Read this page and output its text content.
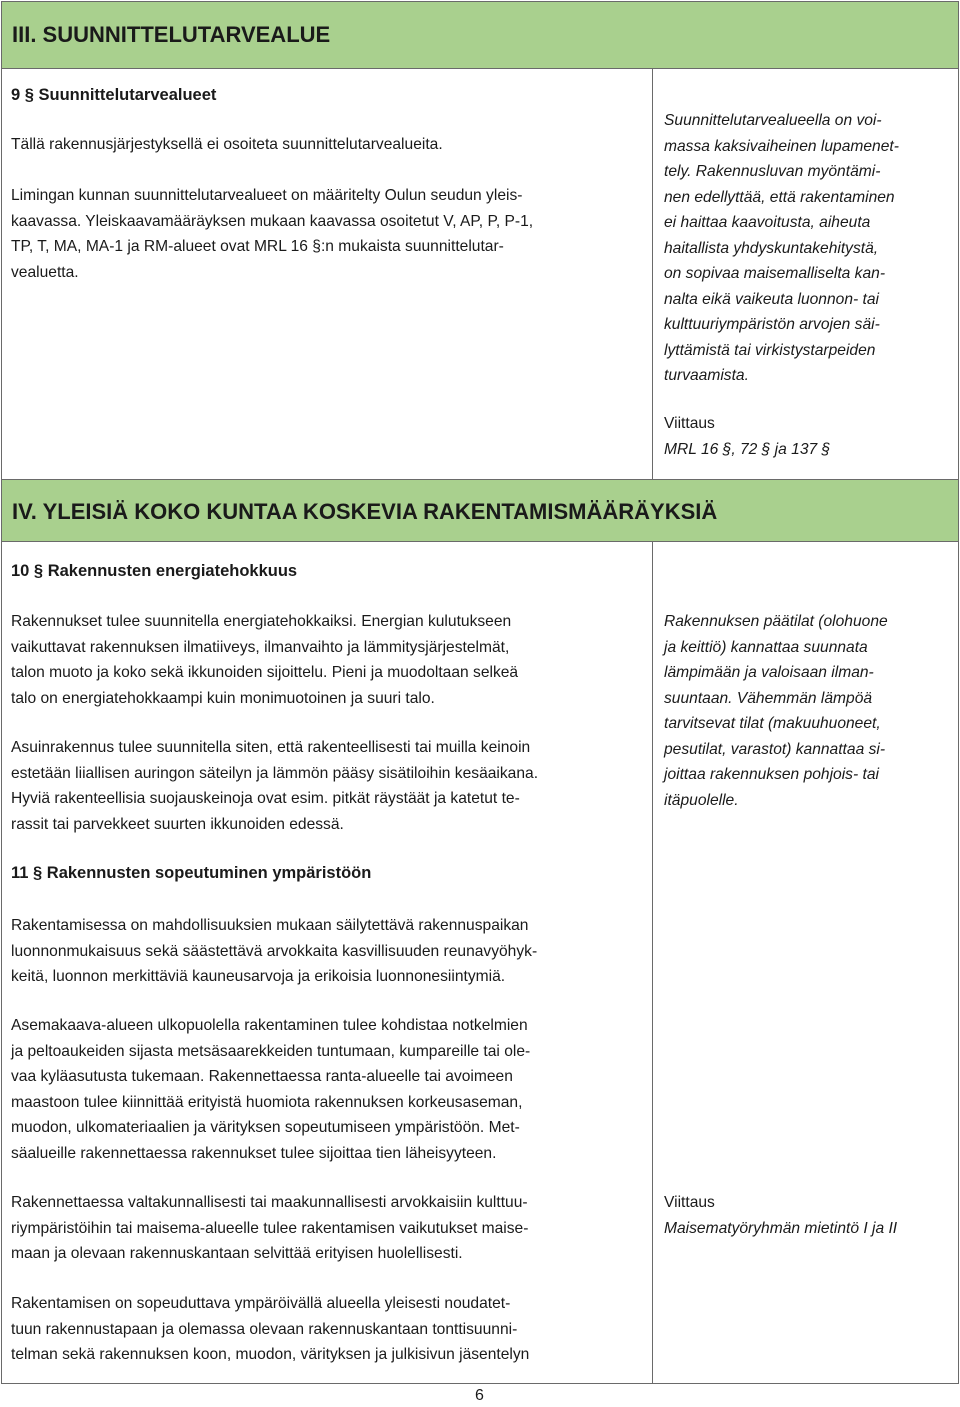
III. SUUNNITTELUTARVEALUE
IV. YLEISIÄ KOKO KUNTAA KOSKEVIA RAKENTAMISMÄÄRÄYKSIÄ
9 § Suunnittelutarvealueet
Tällä rakennusjärjestyksellä ei osoiteta suunnittelutarvealueita.
Limingan kunnan suunnittelutarvealueet on määritelty Oulun seudun yleis-
kaavassa. Yleiskaavamääräyksen mukaan kaavassa osoitetut V, AP, P, P-1,
TP, T, MA, MA-1 ja RM-alueet ovat MRL 16 §:n mukaista suunnittelutar-
vealuetta.
Suunnittelutarvealueella on voi-
massa kaksivaiheinen lupamenet-
tely. Rakennusluvan myöntämi-
nen edellyttää, että rakentaminen
ei haittaa kaavoitusta, aiheuta
haitallista yhdyskuntakehitystä,
on sopivaa maisemalliselta kan-
nalta eikä vaikeuta luonnon- tai
kulttuuriympäristön arvojen säi-
lyttämistä tai virkistystarpeiden
turvaamista.
Viittaus
MRL 16 §, 72 § ja 137 §
10 § Rakennusten energiatehokkuus
Rakennukset tulee suunnitella energiatehokkaiksi. Energian kulutukseen
vaikuttavat rakennuksen ilmatiiveys, ilmanvaihto ja lämmitysjärjestelmät,
talon muoto ja koko sekä ikkunoiden sijoittelu. Pieni ja muodoltaan selkeä
talo on energiatehokkaampi kuin monimuotoinen ja suuri talo.
Asuinrakennus tulee suunnitella siten, että rakenteellisesti tai muilla keinoin
estetään liiallisen auringon säteilyn ja lämmön pääsy sisätiloihin kesäaikana.
Hyviä rakenteellisia suojauskeinoja ovat esim. pitkät räystäät ja katetut te-
rassit tai parvekkeet suurten ikkunoiden edessä.
Rakennuksen päätilat (olohuone
ja keittiö) kannattaa suunnata
lämpimään ja valoisaan ilman-
suuntaan. Vähemmän lämpöä
tarvitsevat tilat (makuuhuoneet,
pesutilat, varastot) kannattaa si-
joittaa rakennuksen pohjois- tai
itäpuolelle.
11 § Rakennusten sopeutuminen ympäristöön
Rakentamisessa on mahdollisuuksien mukaan säilytettävä rakennuspaikan
luonnonmukaisuus sekä säästettävä arvokkaita kasvillisuuden reunavyöhyk-
keitä, luonnon merkittäviä kauneusarvoja ja erikoisia luonnonesiintymiä.
Asemakaava-alueen ulkopuolella rakentaminen tulee kohdistaa notkelmien
ja peltoaukeiden sijasta metsäsaarekkeiden tuntumaan, kumpareille tai ole-
vaa kyläasutusta tukemaan. Rakennettaessa ranta-alueelle tai avoimeen
maastoon tulee kiinnittää erityistä huomiota rakennuksen korkeusaseman,
muodon, ulkomateriaalien ja värityksen sopeutumiseen ympäristöön. Met-
säalueille rakennettaessa rakennukset tulee sijoittaa tien läheisyyteen.
Rakennettaessa valtakunnallisesti tai maakunnallisesti arvokkaisiin kulttuu-
riympäristöihin tai maisema-alueelle tulee rakentamisen vaikutukset maise-
maan ja olevaan rakennuskantaan selvittää erityisen huolellisesti.
Rakentamisen on sopeuduttava ympäröivällä alueella yleisesti noudatet-
tuun rakennustapaan ja olemassa olevaan rakennuskantaan tonttisuunni-
telman sekä rakennuksen koon, muodon, värityksen ja julkisivun jäsentelyn
Viittaus
Maisematyöryhmän mietintö I ja II
6
